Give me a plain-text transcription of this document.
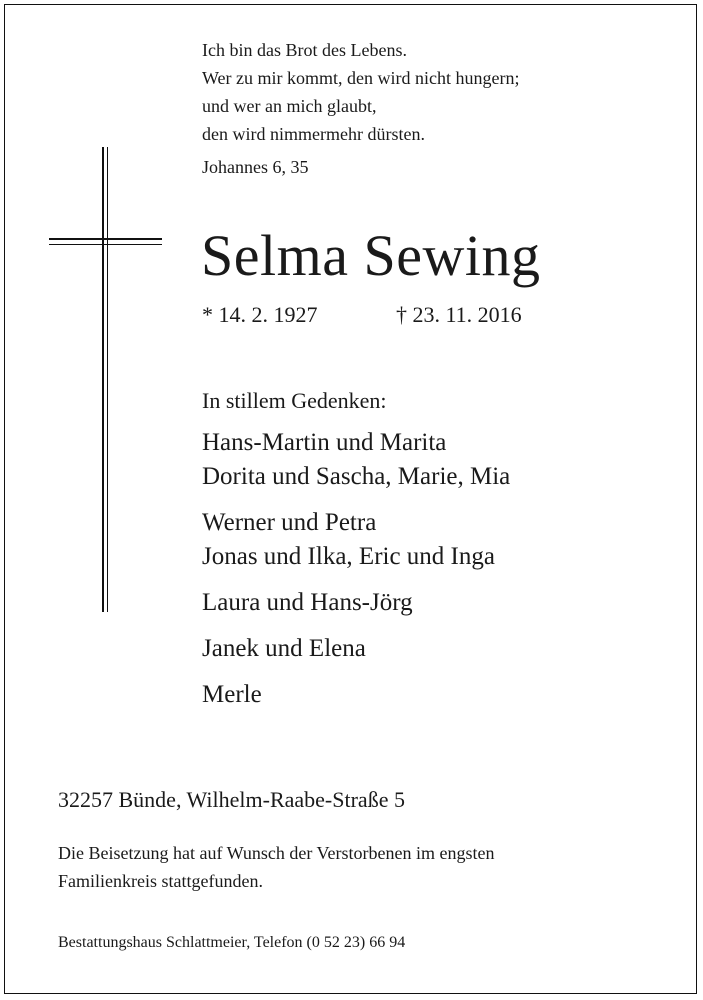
Ich bin das Brot des Lebens.
Wer zu mir kommt, den wird nicht hungern;
und wer an mich glaubt,
den wird nimmermehr dürsten.
Johannes 6, 35
Selma Sewing
* 14. 2. 1927	† 23. 11. 2016
In stillem Gedenken:
Hans-Martin und Marita
Dorita und Sascha, Marie, Mia
Werner und Petra
Jonas und Ilka, Eric und Inga
Laura und Hans-Jörg
Janek und Elena
Merle
32257 Bünde, Wilhelm-Raabe-Straße 5
Die Beisetzung hat auf Wunsch der Verstorbenen im engsten
Familienkreis stattgefunden.
Bestattungshaus Schlattmeier, Telefon (0 52 23) 66 94
